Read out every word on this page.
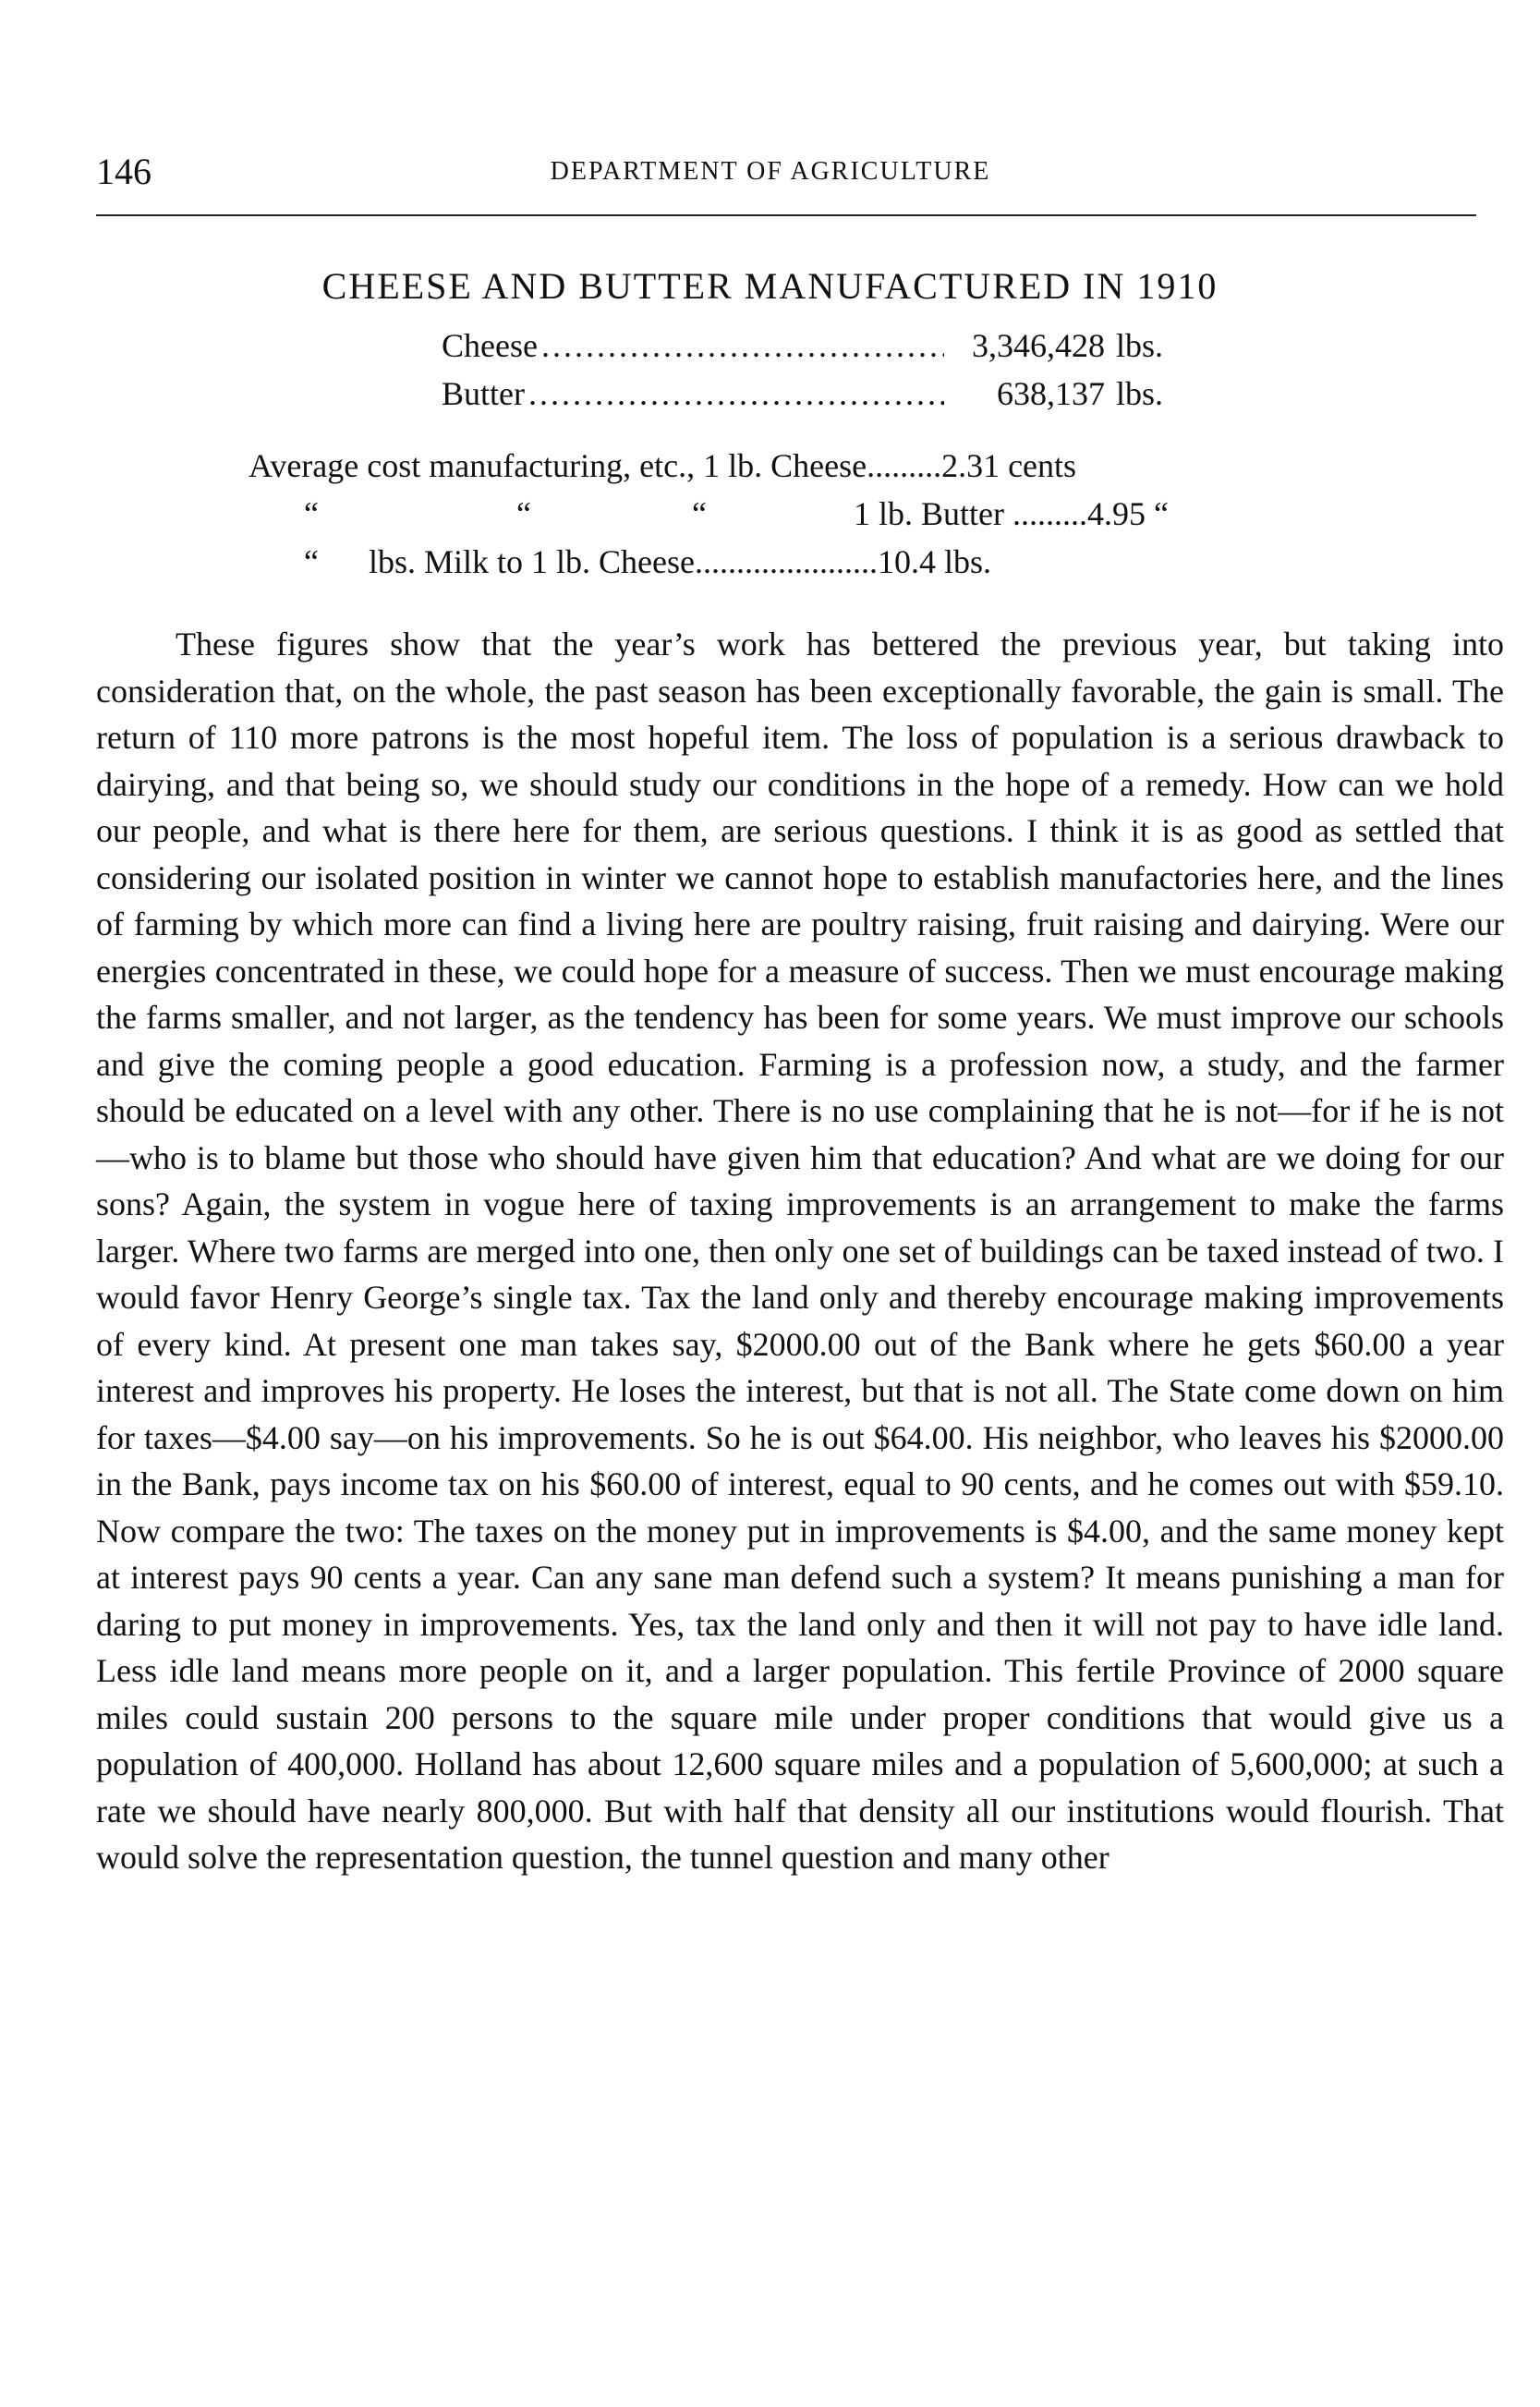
146	DEPARTMENT OF AGRICULTURE
CHEESE AND BUTTER MANUFACTURED IN 1910
Cheese .....	3,346,428 lbs.
Butter .....	638,137 lbs.
Average cost manufacturing, etc., 1 lb. Cheese.........2.31 cents
“	“	“	1 lb. Butter .........4.95 “
“ lbs. Milk to 1 lb. Cheese......................10.4 lbs.

These figures show that the year’s work has bettered the previous year, but taking into consideration that, on the whole, the past season has been exceptionally favorable, the gain is small. The return of 110 more patrons is the most hopeful item. The loss of population is a serious drawback to dairying, and that being so, we should study our conditions in the hope of a remedy. How can we hold our people, and what is there here for them, are serious questions. I think it is as good as settled that considering our isolated position in winter we cannot hope to establish manufactories here, and the lines of farming by which more can find a living here are poultry raising, fruit raising and dairying. Were our energies concentrated in these, we could hope for a measure of success. Then we must encourage making the farms smaller, and not larger, as the tendency has been for some years. We must improve our schools and give the coming people a good education. Farming is a profession now, a study, and the farmer should be educated on a level with any other. There is no use complaining that he is not—for if he is not—who is to blame but those who should have given him that education? And what are we doing for our sons? Again, the system in vogue here of taxing improvements is an arrangement to make the farms larger. Where two farms are merged into one, then only one set of buildings can be taxed instead of two. I would favor Henry George’s single tax. Tax the land only and thereby encourage making improvements of every kind. At present one man takes say, $2000.00 out of the Bank where he gets $60.00 a year interest and improves his property. He loses the interest, but that is not all. The State come down on him for taxes—$4.00 say—on his improvements. So he is out $64.00. His neighbor, who leaves his $2000.00 in the Bank, pays income tax on his $60.00 of interest, equal to 90 cents, and he comes out with $59.10. Now compare the two: The taxes on the money put in improvements is $4.00, and the same money kept at interest pays 90 cents a year. Can any sane man defend such a system? It means punishing a man for daring to put money in improvements. Yes, tax the land only and then it will not pay to have idle land. Less idle land means more people on it, and a larger population. This fertile Province of 2000 square miles could sustain 200 persons to the square mile under proper conditions that would give us a population of 400,000. Holland has about 12,600 square miles and a population of 5,600,000; at such a rate we should have nearly 800,000. But with half that density all our institutions would flourish. That would solve the representation question, the tunnel question and many other
